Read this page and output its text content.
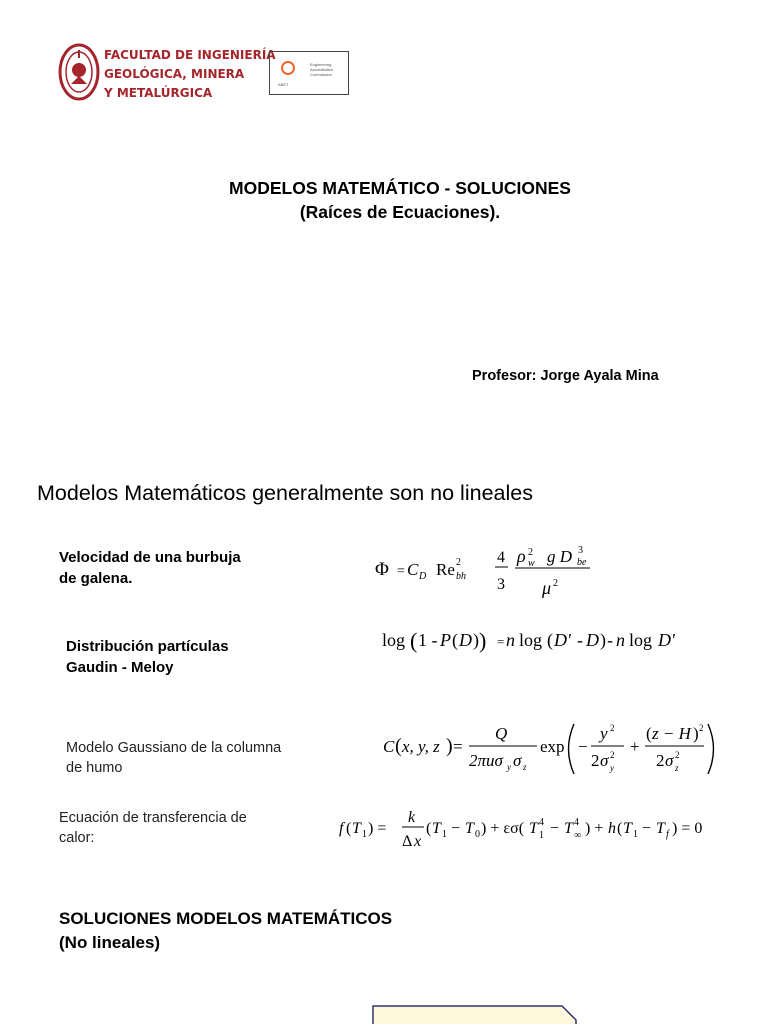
FACULTAD DE INGENIERÍA
GEOLÓGICA, MINERA
Y METALÚRGICA
ABET
Engineering
Accreditation
Commission
MODELOS MATEMÁTICO - SOLUCIONES
(Raíces de Ecuaciones).
Profesor: Jorge Ayala Mina
Modelos Matemáticos generalmente son no lineales
Velocidad de una burbuja
de galena.	Φ = C D Re 2
bh
4
3
ρ 2
w g D 3
be
μ 2
Distribución partículas
Gaudin - Meloy
log ( 1 - P ( D ) ) = n log ( D′ - D ) - n log D′
Modelo Gaussiano de la columna
de humo
C ( x, y, z ) =
Q
2πuσ y σ z
exp −
y 2
2 σ 2
y
+
( z − H ) 2
2 σ 2
z
Ecuación de transferencia de
calor:
f ( T 1 ) =
k
Δ x
( T 1 − T 0 ) + εσ( T 4
1 − T 4
∞ ) + h ( T 1 − T f ) = 0
SOLUCIONES MODELOS MATEMÁTICOS
(No lineales)
